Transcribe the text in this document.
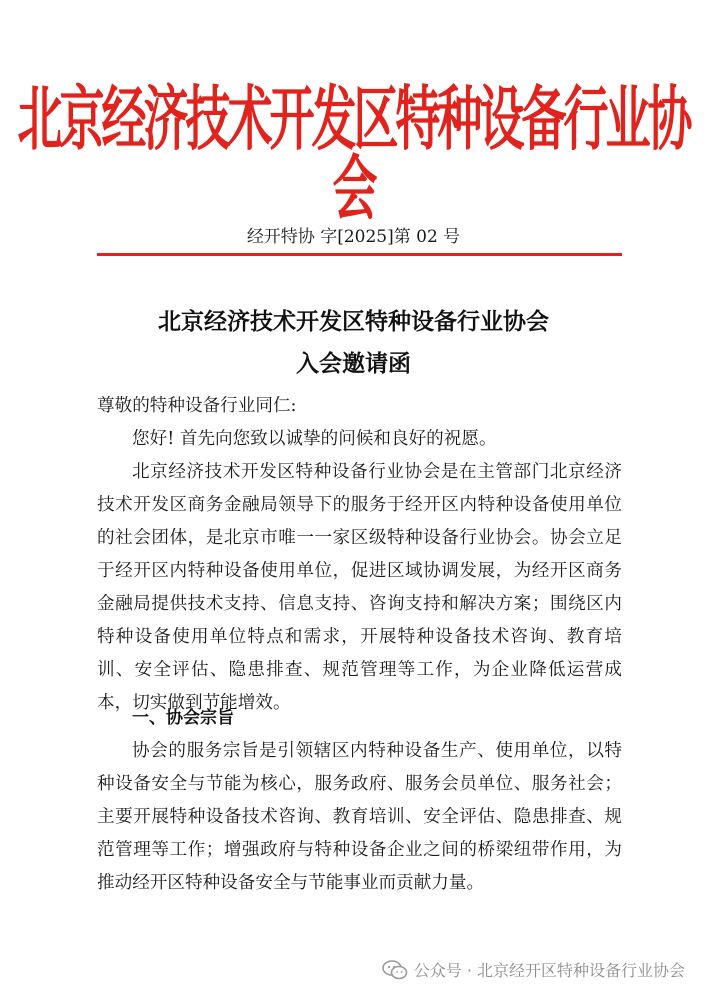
北京经济技术开发区特种设备行业协会
经开特协 字[2025]第 02 号
北京经济技术开发区特种设备行业协会
入会邀请函

尊敬的特种设备行业同仁:

您好! 首先向您致以诚挚的问候和良好的祝愿。

北京经济技术开发区特种设备行业协会是在主管部门北京经济技术开发区商务金融局领导下的服务于经开区内特种设备使用单位的社会团体，是北京市唯一一家区级特种设备行业协会。协会立足于经开区内特种设备使用单位，促进区域协调发展，为经开区商务金融局提供技术支持、信息支持、咨询支持和解决方案；围绕区内特种设备使用单位特点和需求，开展特种设备技术咨询、教育培训、安全评估、隐患排查、规范管理等工作，为企业降低运营成本，切实做到节能增效。

一、协会宗旨

协会的服务宗旨是引领辖区内特种设备生产、使用单位，以特种设备安全与节能为核心，服务政府、服务会员单位、服务社会；主要开展特种设备技术咨询、教育培训、安全评估、隐患排查、规范管理等工作；增强政府与特种设备企业之间的桥梁纽带作用，为推动经开区特种设备安全与节能事业而贡献力量。

公众号 · 北京经开区特种设备行业协会
